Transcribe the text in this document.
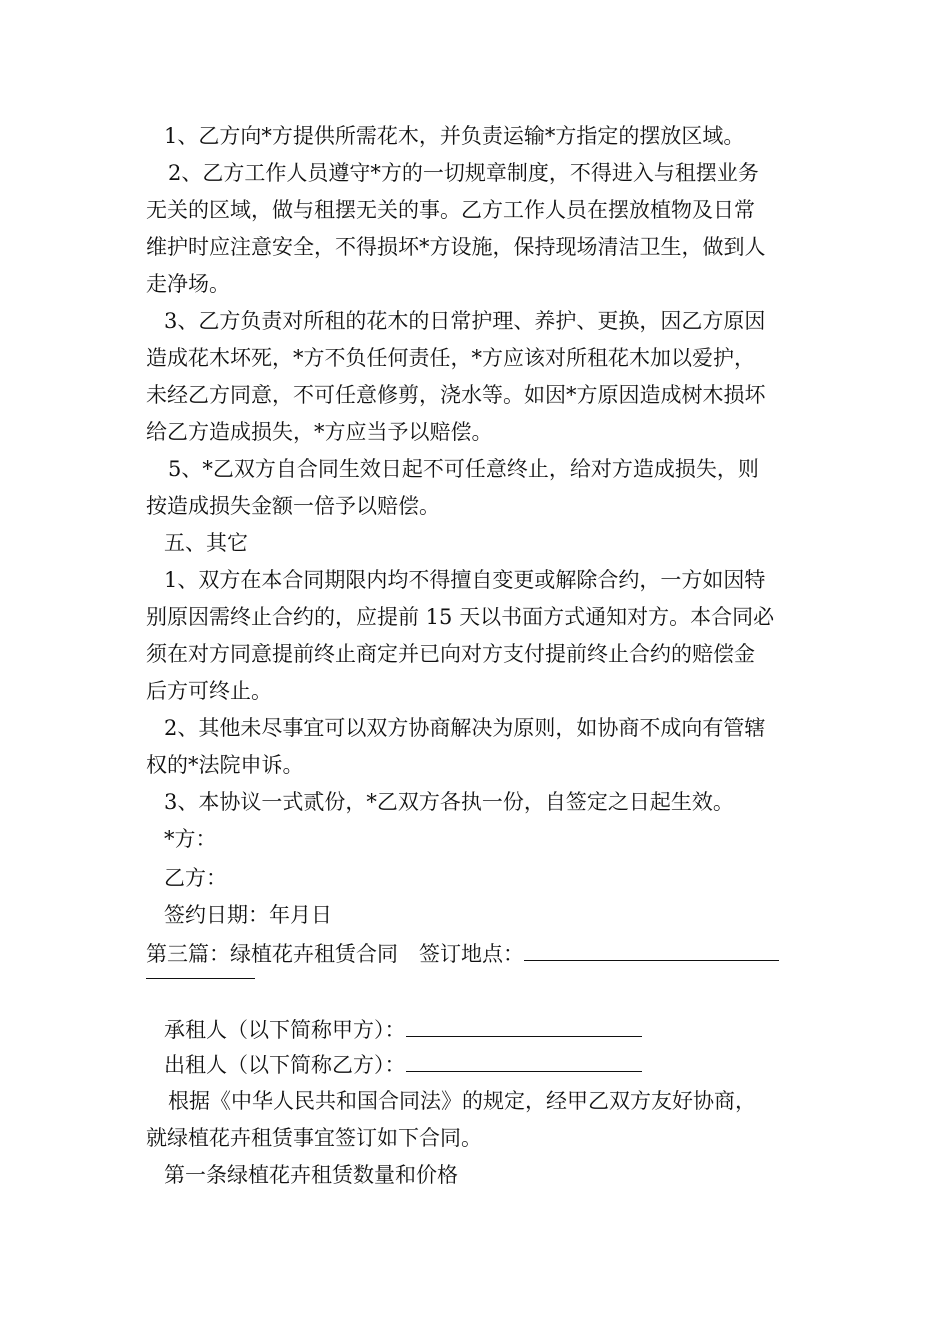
1、乙方向*方提供所需花木，并负责运输*方指定的摆放区域。
2、乙方工作人员遵守*方的一切规章制度，不得进入与租摆业务
无关的区域，做与租摆无关的事。乙方工作人员在摆放植物及日常
维护时应注意安全，不得损坏*方设施，保持现场清洁卫生，做到人
走净场。
3、乙方负责对所租的花木的日常护理、养护、更换，因乙方原因
造成花木坏死，*方不负任何责任，*方应该对所租花木加以爱护，
未经乙方同意，不可任意修剪，浇水等。如因*方原因造成树木损坏
给乙方造成损失，*方应当予以赔偿。
5、*乙双方自合同生效日起不可任意终止，给对方造成损失，则
按造成损失金额一倍予以赔偿。
五、其它
1、双方在本合同期限内均不得擅自变更或解除合约，一方如因特
别原因需终止合约的，应提前 15 天以书面方式通知对方。本合同必
须在对方同意提前终止商定并已向对方支付提前终止合约的赔偿金
后方可终止。
2、其他未尽事宜可以双方协商解决为原则，如协商不成向有管辖
权的*法院申诉。
3、本协议一式贰份，*乙双方各执一份，自签定之日起生效。
*方：
乙方：
签约日期：年月日
第三篇：绿植花卉租赁合同　签订地点：
承租人（以下简称甲方）：
出租人（以下简称乙方）：
根据《中华人民共和国合同法》的规定，经甲乙双方友好协商，
就绿植花卉租赁事宜签订如下合同。
第一条绿植花卉租赁数量和价格
